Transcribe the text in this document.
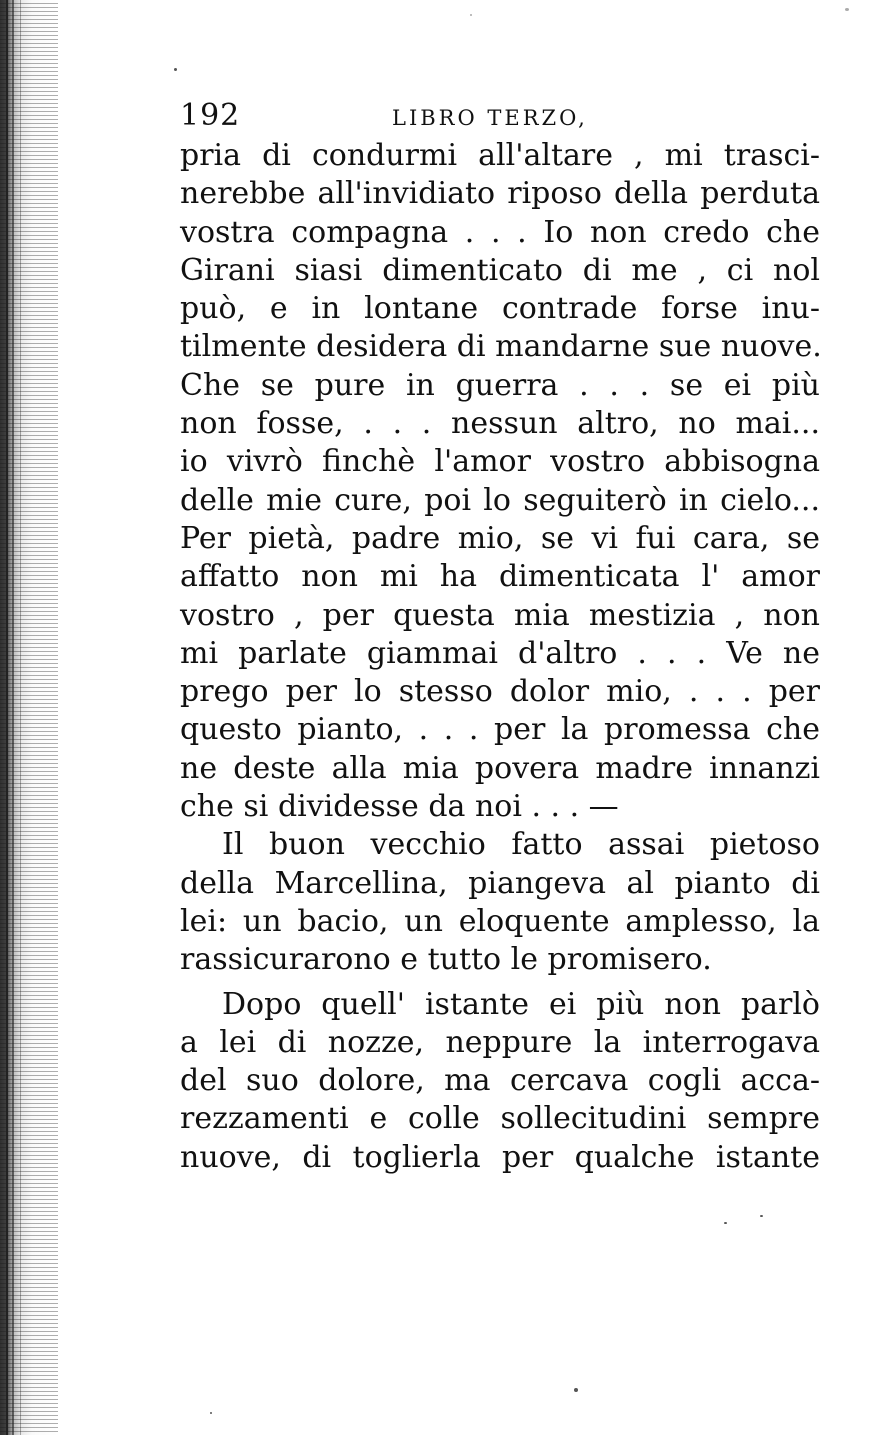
192	LIBRO TERZO,
pria di condurmi all'altare , mi trasci-
nerebbe all'invidiato riposo della perduta
vostra compagna . . . Io non credo che
Girani siasi dimenticato di me , ci nol
può, e in lontane contrade forse inu-
tilmente desidera di mandarne sue nuove.
Che se pure in guerra . . . se ei più
non fosse, . . . nessun altro, no mai...
io vivrò finchè l'amor vostro abbisogna
delle mie cure, poi lo seguiterò in cielo...
Per pietà, padre mio, se vi fui cara, se
affatto non mi ha dimenticata l' amor
vostro , per questa mia mestizia , non
mi parlate giammai d'altro . . . Ve ne
prego per lo stesso dolor mio, . . . per
questo pianto, . . . per la promessa che
ne deste alla mia povera madre innanzi
che si dividesse da noi . . . —
Il buon vecchio fatto assai pietoso
della Marcellina, piangeva al pianto di
lei: un bacio, un eloquente amplesso, la
rassicurarono e tutto le promisero.
Dopo quell' istante ei più non parlò
a lei di nozze, neppure la interrogava
del suo dolore, ma cercava cogli acca-
rezzamenti e colle sollecitudini sempre
nuove, di toglierla per qualche istante
